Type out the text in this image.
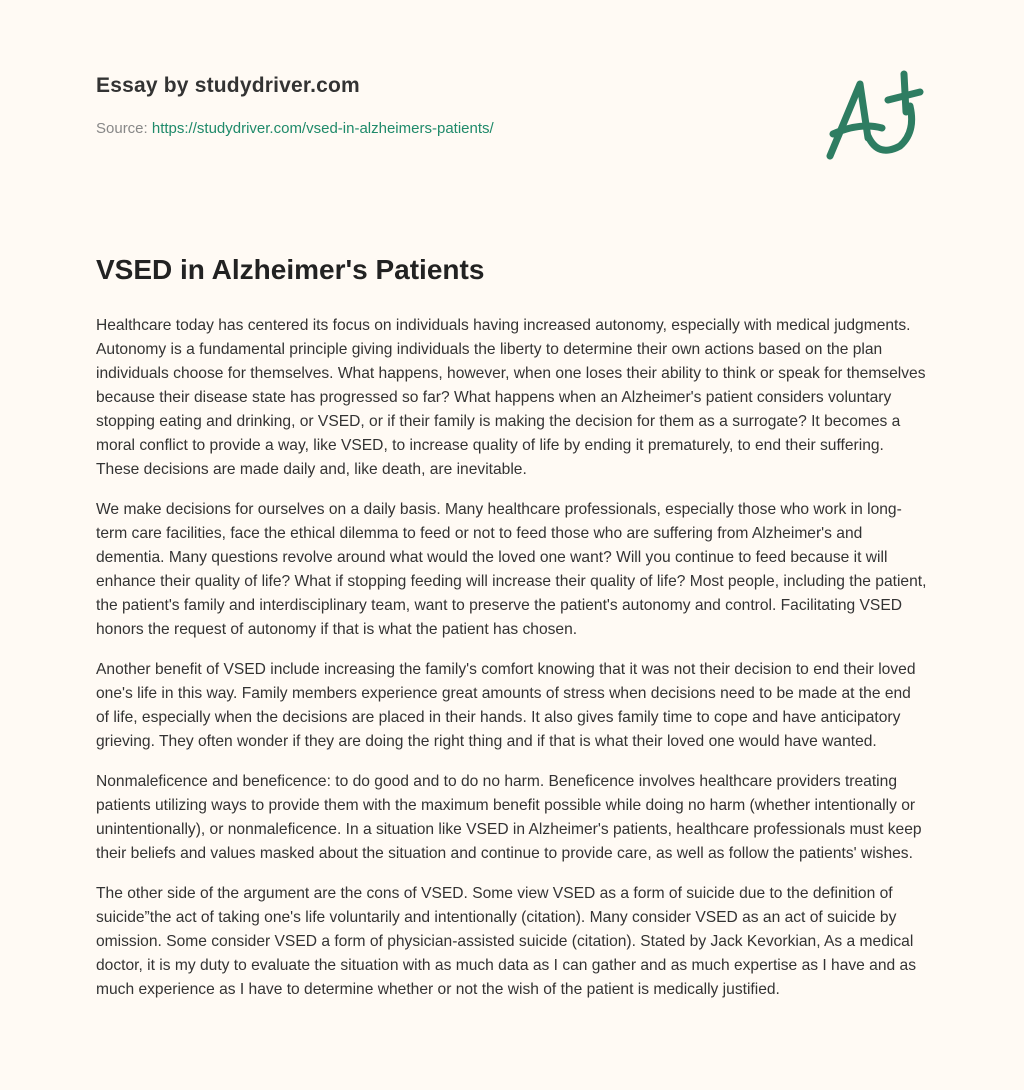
Essay by studydriver.com
Source: https://studydriver.com/vsed-in-alzheimers-patients/
VSED in Alzheimer's Patients

Healthcare today has centered its focus on individuals having increased autonomy, especially with medical judgments. Autonomy is a fundamental principle giving individuals the liberty to determine their own actions based on the plan individuals choose for themselves. What happens, however, when one loses their ability to think or speak for themselves because their disease state has progressed so far? What happens when an Alzheimer's patient considers voluntary stopping eating and drinking, or VSED, or if their family is making the decision for them as a surrogate? It becomes a moral conflict to provide a way, like VSED, to increase quality of life by ending it prematurely, to end their suffering. These decisions are made daily and, like death, are inevitable.

We make decisions for ourselves on a daily basis. Many healthcare professionals, especially those who work in long-term care facilities, face the ethical dilemma to feed or not to feed those who are suffering from Alzheimer's and dementia. Many questions revolve around what would the loved one want? Will you continue to feed because it will enhance their quality of life? What if stopping feeding will increase their quality of life? Most people, including the patient, the patient's family and interdisciplinary team, want to preserve the patient's autonomy and control. Facilitating VSED honors the request of autonomy if that is what the patient has chosen.

Another benefit of VSED include increasing the family's comfort knowing that it was not their decision to end their loved one's life in this way. Family members experience great amounts of stress when decisions need to be made at the end of life, especially when the decisions are placed in their hands. It also gives family time to cope and have anticipatory grieving. They often wonder if they are doing the right thing and if that is what their loved one would have wanted.

Nonmaleficence and beneficence: to do good and to do no harm. Beneficence involves healthcare providers treating patients utilizing ways to provide them with the maximum benefit possible while doing no harm (whether intentionally or unintentionally), or nonmaleficence. In a situation like VSED in Alzheimer's patients, healthcare professionals must keep their beliefs and values masked about the situation and continue to provide care, as well as follow the patients' wishes.

The other side of the argument are the cons of VSED. Some view VSED as a form of suicide due to the definition of suicide”the act of taking one's life voluntarily and intentionally (citation). Many consider VSED as an act of suicide by omission. Some consider VSED a form of physician-assisted suicide (citation). Stated by Jack Kevorkian, As a medical doctor, it is my duty to evaluate the situation with as much data as I can gather and as much expertise as I have and as much experience as I have to determine whether or not the wish of the patient is medically justified.
